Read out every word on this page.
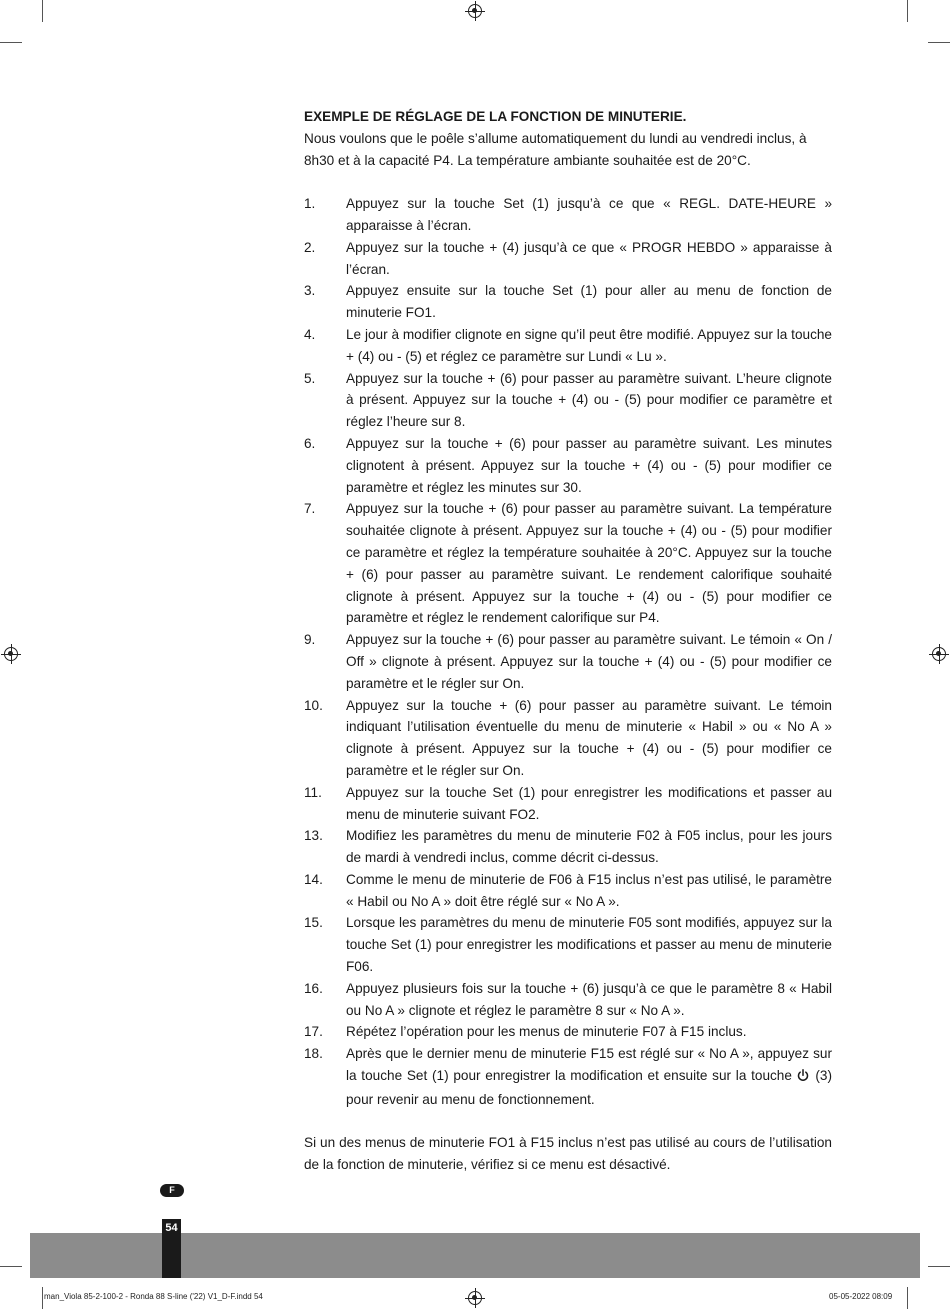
EXEMPLE DE RÉGLAGE DE LA FONCTION DE MINUTERIE.

Nous voulons que le poêle s’allume automatiquement du lundi au vendredi inclus, à 8h30 et à la capacité P4. La température ambiante souhaitée est de 20°C.

1.	Appuyez sur la touche Set (1) jusqu’à ce que « REGL. DATE-HEURE » apparaisse à l’écran.
2.	Appuyez sur la touche + (4) jusqu’à ce que « PROGR HEBDO » apparaisse à l’écran.
3.	Appuyez ensuite sur la touche Set (1) pour aller au menu de fonction de minuterie FO1.
4.	Le jour à modifier clignote en signe qu’il peut être modifié. Appuyez sur la touche + (4) ou - (5) et réglez ce paramètre sur Lundi « Lu ».
5.	Appuyez sur la touche + (6) pour passer au paramètre suivant. L’heure clignote à présent. Appuyez sur la touche + (4) ou - (5) pour modifier ce paramètre et réglez l’heure sur 8.
6.	Appuyez sur la touche + (6) pour passer au paramètre suivant. Les minutes clignotent à présent. Appuyez sur la touche + (4) ou - (5) pour modifier ce paramètre et réglez les minutes sur 30.
7.	Appuyez sur la touche + (6) pour passer au paramètre suivant. La température souhaitée clignote à présent. Appuyez sur la touche + (4) ou - (5) pour modifier ce paramètre et réglez la température souhaitée à 20°C. Appuyez sur la touche + (6) pour passer au paramètre suivant. Le rendement calorifique souhaité clignote à présent. Appuyez sur la touche + (4) ou - (5) pour modifier ce paramètre et réglez le rendement calorifique sur P4.
9.	Appuyez sur la touche + (6) pour passer au paramètre suivant. Le témoin « On / Off » clignote à présent. Appuyez sur la touche + (4) ou - (5) pour modifier ce paramètre et le régler sur On.
10.	Appuyez sur la touche + (6) pour passer au paramètre suivant. Le témoin indiquant l’utilisation éventuelle du menu de minuterie « Habil » ou « No A » clignote à présent. Appuyez sur la touche + (4) ou - (5) pour modifier ce paramètre et le régler sur On.
11.	Appuyez sur la touche Set (1) pour enregistrer les modifications et passer au menu de minuterie suivant FO2.
13.	Modifiez les paramètres du menu de minuterie F02 à F05 inclus, pour les jours de mardi à vendredi inclus, comme décrit ci-dessus.
14.	Comme le menu de minuterie de F06 à F15 inclus n’est pas utilisé, le paramètre « Habil ou No A » doit être réglé sur « No A ».
15.	Lorsque les paramètres du menu de minuterie F05 sont modifiés, appuyez sur la touche Set (1) pour enregistrer les modifications et passer au menu de minuterie F06.
16.	Appuyez plusieurs fois sur la touche + (6) jusqu’à ce que le paramètre 8 « Habil ou No A » clignote et réglez le paramètre 8 sur « No A ».
17.	Répétez l’opération pour les menus de minuterie F07 à F15 inclus.
18.	Après que le dernier menu de minuterie F15 est réglé sur « No A », appuyez sur la touche Set (1) pour enregistrer la modification et ensuite sur la touche  (3) pour revenir au menu de fonctionnement.

Si un des menus de minuterie FO1 à F15 inclus n’est pas utilisé au cours de l’utilisation de la fonction de minuterie, vérifiez si ce menu est désactivé.

F
54
man_Viola 85-2-100-2 - Ronda 88 S-line ('22) V1_D-F.indd 54	05-05-2022 08:09
